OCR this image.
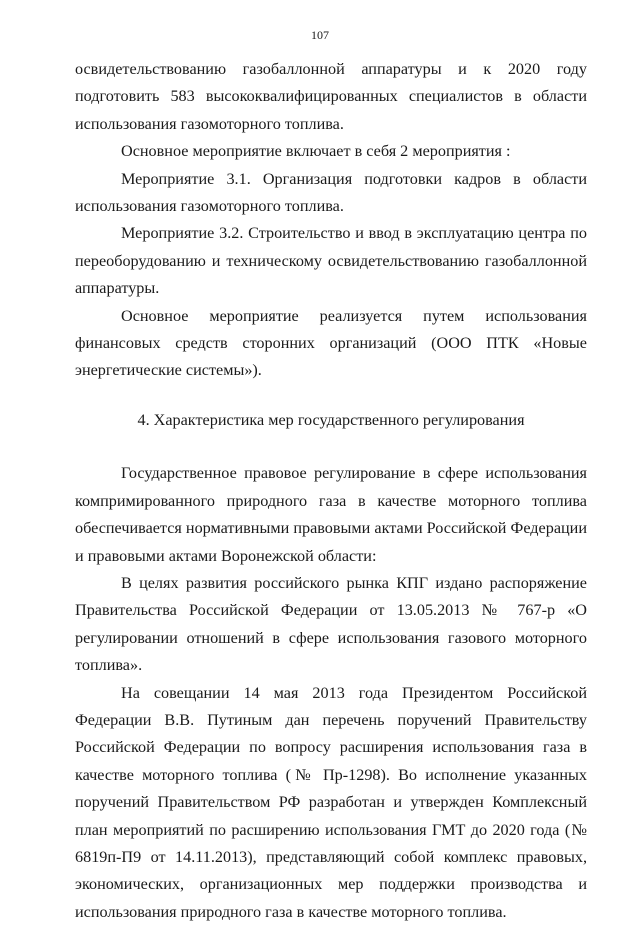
107

освидетельствованию газобаллонной аппаратуры и к 2020 году подготовить 583 высококвалифицированных специалистов в области использования газомоторного топлива.

Основное мероприятие включает в себя 2 мероприятия :

Мероприятие 3.1. Организация подготовки кадров в области использования газомоторного топлива.

Мероприятие 3.2. Строительство и ввод в эксплуатацию центра по переоборудованию и техническому освидетельствованию газобаллонной аппаратуры.

Основное мероприятие реализуется путем использования финансовых средств сторонних организаций (ООО ПТК «Новые энергетические системы»).

4. Характеристика мер государственного регулирования

Государственное правовое регулирование в сфере использования компримированного природного газа в качестве моторного топлива обеспечивается нормативными правовыми актами Российской Федерации и правовыми актами Воронежской области:

В целях развития российского рынка КПГ издано распоряжение Правительства Российской Федерации от 13.05.2013 № 767-р «О регулировании отношений в сфере использования газового моторного топлива».

На совещании 14 мая 2013 года Президентом Российской Федерации В.В. Путиным дан перечень поручений Правительству Российской Федерации по вопросу расширения использования газа в качестве моторного топлива (№ Пр-1298). Во исполнение указанных поручений Правительством РФ разработан и утвержден Комплексный план мероприятий по расширению использования ГМТ до 2020 года (№ 6819п-П9 от 14.11.2013), представляющий собой комплекс правовых, экономических, организационных мер поддержки производства и использования природного газа в качестве моторного топлива.
